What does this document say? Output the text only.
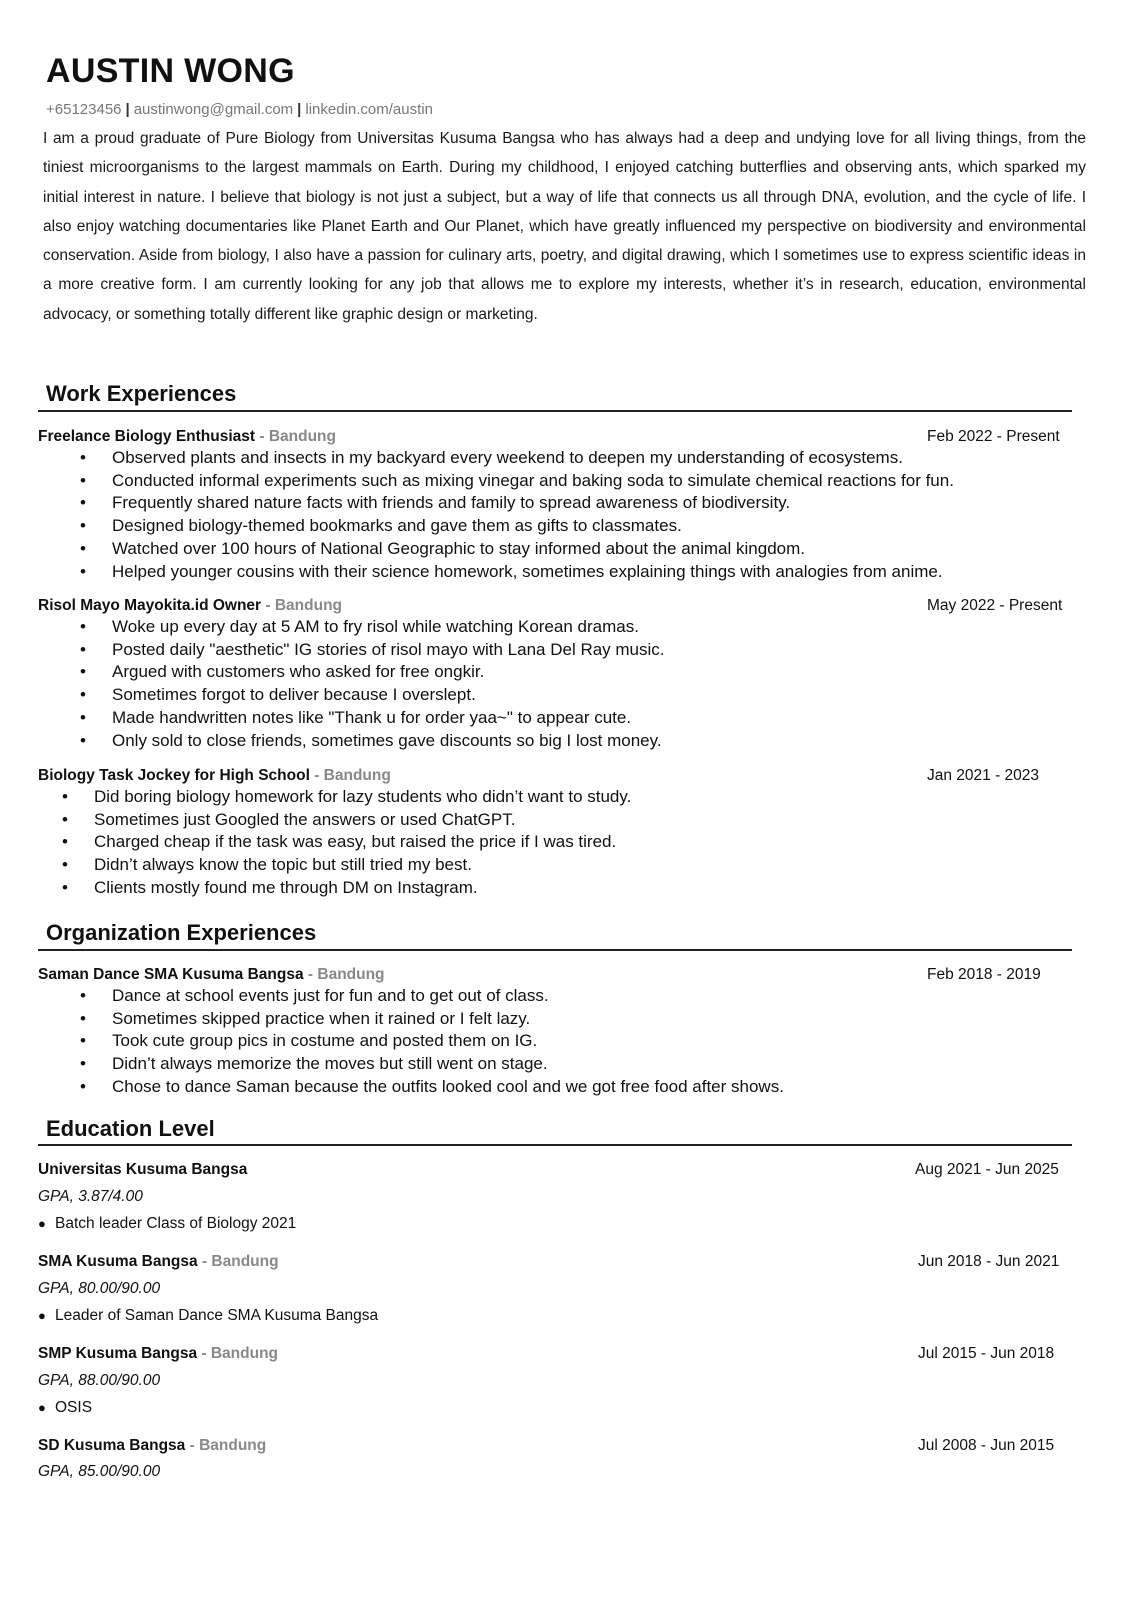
AUSTIN WONG
+65123456 | austinwong@gmail.com | linkedin.com/austin

I am a proud graduate of Pure Biology from Universitas Kusuma Bangsa who has always had a deep and undying love for all living things, from the tiniest microorganisms to the largest mammals on Earth. During my childhood, I enjoyed catching butterflies and observing ants, which sparked my initial interest in nature. I believe that biology is not just a subject, but a way of life that connects us all through DNA, evolution, and the cycle of life. I also enjoy watching documentaries like Planet Earth and Our Planet, which have greatly influenced my perspective on biodiversity and environmental conservation. Aside from biology, I also have a passion for culinary arts, poetry, and digital drawing, which I sometimes use to express scientific ideas in a more creative form. I am currently looking for any job that allows me to explore my interests, whether it’s in research, education, environmental advocacy, or something totally different like graphic design or marketing.

Work Experiences
Freelance Biology Enthusiast - Bandung	Feb 2022 - Present
• Observed plants and insects in my backyard every weekend to deepen my understanding of ecosystems.
• Conducted informal experiments such as mixing vinegar and baking soda to simulate chemical reactions for fun.
• Frequently shared nature facts with friends and family to spread awareness of biodiversity.
• Designed biology-themed bookmarks and gave them as gifts to classmates.
• Watched over 100 hours of National Geographic to stay informed about the animal kingdom.
• Helped younger cousins with their science homework, sometimes explaining things with analogies from anime.
Risol Mayo Mayokita.id Owner - Bandung	May 2022 - Present
• Woke up every day at 5 AM to fry risol while watching Korean dramas.
• Posted daily "aesthetic" IG stories of risol mayo with Lana Del Ray music.
• Argued with customers who asked for free ongkir.
• Sometimes forgot to deliver because I overslept.
• Made handwritten notes like "Thank u for order yaa~" to appear cute.
• Only sold to close friends, sometimes gave discounts so big I lost money.
Biology Task Jockey for High School - Bandung	Jan 2021 - 2023
• Did boring biology homework for lazy students who didn’t want to study.
• Sometimes just Googled the answers or used ChatGPT.
• Charged cheap if the task was easy, but raised the price if I was tired.
• Didn’t always know the topic but still tried my best.
• Clients mostly found me through DM on Instagram.
Organization Experiences
Saman Dance SMA Kusuma Bangsa - Bandung	Feb 2018 - 2019
• Dance at school events just for fun and to get out of class.
• Sometimes skipped practice when it rained or I felt lazy.
• Took cute group pics in costume and posted them on IG.
• Didn’t always memorize the moves but still went on stage.
• Chose to dance Saman because the outfits looked cool and we got free food after shows.
Education Level
Universitas Kusuma Bangsa	Aug 2021 - Jun 2025
GPA, 3.87/4.00
● Batch leader Class of Biology 2021
SMA Kusuma Bangsa - Bandung	Jun 2018 - Jun 2021
GPA, 80.00/90.00
● Leader of Saman Dance SMA Kusuma Bangsa
SMP Kusuma Bangsa - Bandung	Jul 2015 - Jun 2018
GPA, 88.00/90.00
● OSIS
SD Kusuma Bangsa - Bandung	Jul 2008 - Jun 2015
GPA, 85.00/90.00
